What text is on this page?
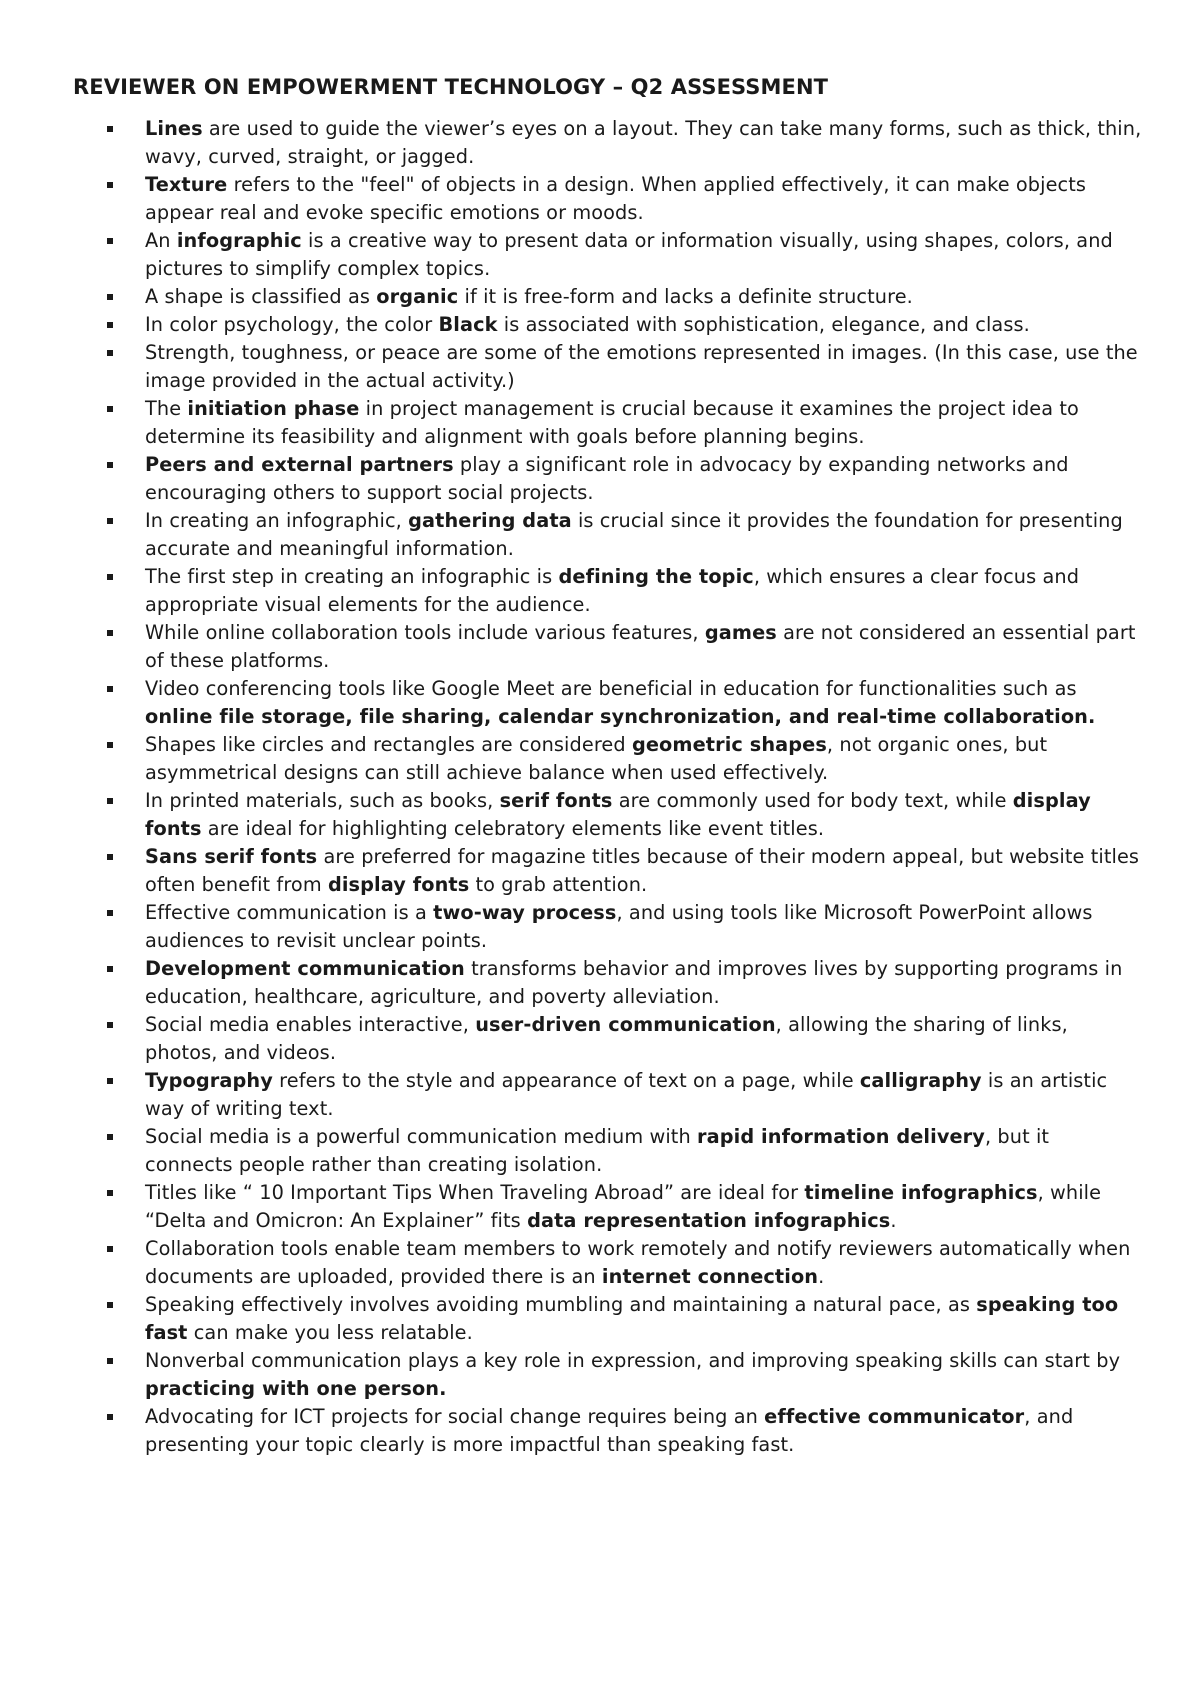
REVIEWER ON EMPOWERMENT TECHNOLOGY – Q2 ASSESSMENT
Lines are used to guide the viewer’s eyes on a layout. They can take many forms, such as thick, thin, wavy, curved, straight, or jagged.
Texture refers to the "feel" of objects in a design. When applied effectively, it can make objects appear real and evoke specific emotions or moods.
An infographic is a creative way to present data or information visually, using shapes, colors, and pictures to simplify complex topics.
A shape is classified as organic if it is free-form and lacks a definite structure.
In color psychology, the color Black is associated with sophistication, elegance, and class.
Strength, toughness, or peace are some of the emotions represented in images. (In this case, use the image provided in the actual activity.)
The initiation phase in project management is crucial because it examines the project idea to determine its feasibility and alignment with goals before planning begins.
Peers and external partners play a significant role in advocacy by expanding networks and encouraging others to support social projects.
In creating an infographic, gathering data is crucial since it provides the foundation for presenting accurate and meaningful information.
The first step in creating an infographic is defining the topic, which ensures a clear focus and appropriate visual elements for the audience.
While online collaboration tools include various features, games are not considered an essential part of these platforms.
Video conferencing tools like Google Meet are beneficial in education for functionalities such as online file storage, file sharing, calendar synchronization, and real-time collaboration.
Shapes like circles and rectangles are considered geometric shapes, not organic ones, but asymmetrical designs can still achieve balance when used effectively.
In printed materials, such as books, serif fonts are commonly used for body text, while display fonts are ideal for highlighting celebratory elements like event titles.
Sans serif fonts are preferred for magazine titles because of their modern appeal, but website titles often benefit from display fonts to grab attention.
Effective communication is a two-way process, and using tools like Microsoft PowerPoint allows audiences to revisit unclear points.
Development communication transforms behavior and improves lives by supporting programs in education, healthcare, agriculture, and poverty alleviation.
Social media enables interactive, user-driven communication, allowing the sharing of links, photos, and videos.
Typography refers to the style and appearance of text on a page, while calligraphy is an artistic way of writing text.
Social media is a powerful communication medium with rapid information delivery, but it connects people rather than creating isolation.
Titles like “ 10 Important Tips When Traveling Abroad” are ideal for timeline infographics, while “Delta and Omicron: An Explainer” fits data representation infographics.
Collaboration tools enable team members to work remotely and notify reviewers automatically when documents are uploaded, provided there is an internet connection.
Speaking effectively involves avoiding mumbling and maintaining a natural pace, as speaking too fast can make you less relatable.
Nonverbal communication plays a key role in expression, and improving speaking skills can start by practicing with one person.
Advocating for ICT projects for social change requires being an effective communicator, and presenting your topic clearly is more impactful than speaking fast.
